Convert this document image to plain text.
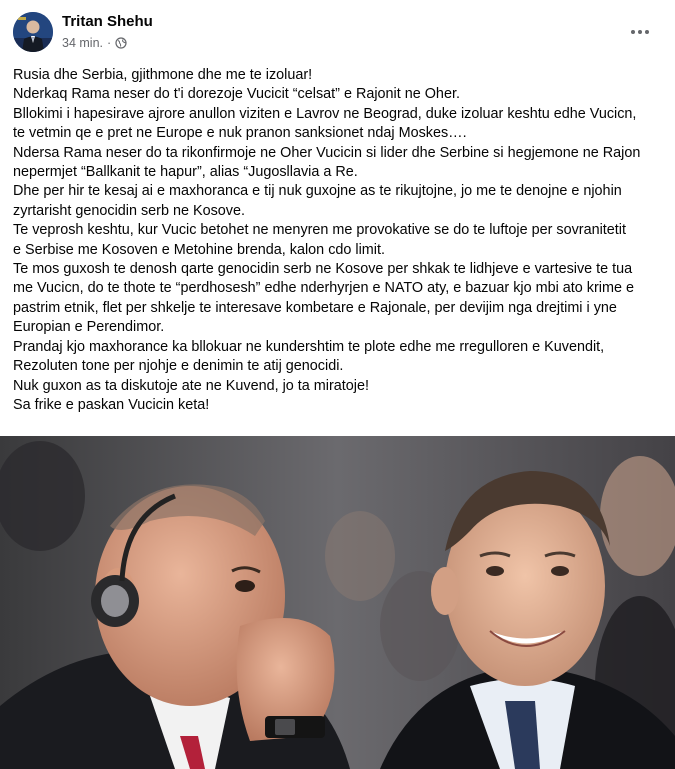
Tritan Shehu
34 min. ·

Rusia dhe Serbia, gjithmone dhe me te izoluar!

Nderkaq Rama neser do t'i dorezoje Vucicit “celsat” e Rajonit ne Oher.

Bllokimi i hapesirave ajrore anullon viziten e Lavrov ne Beograd, duke izoluar keshtu edhe Vucicn,

te vetmin qe e pret ne Europe e nuk pranon sanksionet ndaj Moskes….

Ndersa Rama neser do ta rikonfirmoje ne Oher Vucicin si lider dhe Serbine si hegjemone ne Rajon

nepermjet “Ballkanit te hapur”, alias “Jugosllavia a Re.

Dhe per hir te kesaj ai e maxhoranca e tij nuk guxojne as te rikujtojne, jo me te denojne e njohin

zyrtarisht genocidin serb ne Kosove.

Te veprosh keshtu, kur Vucic betohet ne menyren me provokative se do te luftoje per sovranitetit

e Serbise me Kosoven e Metohine brenda, kalon cdo limit.

Te mos guxosh te denosh qarte genocidin serb ne Kosove per shkak te lidhjeve e vartesive te tua

me Vucicn, do te thote te “perdhosesh” edhe nderhyrjen e NATO aty, e bazuar kjo mbi ato krime e

pastrim etnik, flet per shkelje te interesave kombetare e Rajonale, per devijim nga drejtimi i yne

Europian e Perendimor.

Prandaj kjo maxhorance ka bllokuar ne kundershtim te plote edhe me rregulloren e Kuvendit,

Rezoluten tone per njohje e denimin te atij genocidi.

Nuk guxon as ta diskutoje ate ne Kuvend, jo ta miratoje!

Sa frike e paskan Vucicin keta!
